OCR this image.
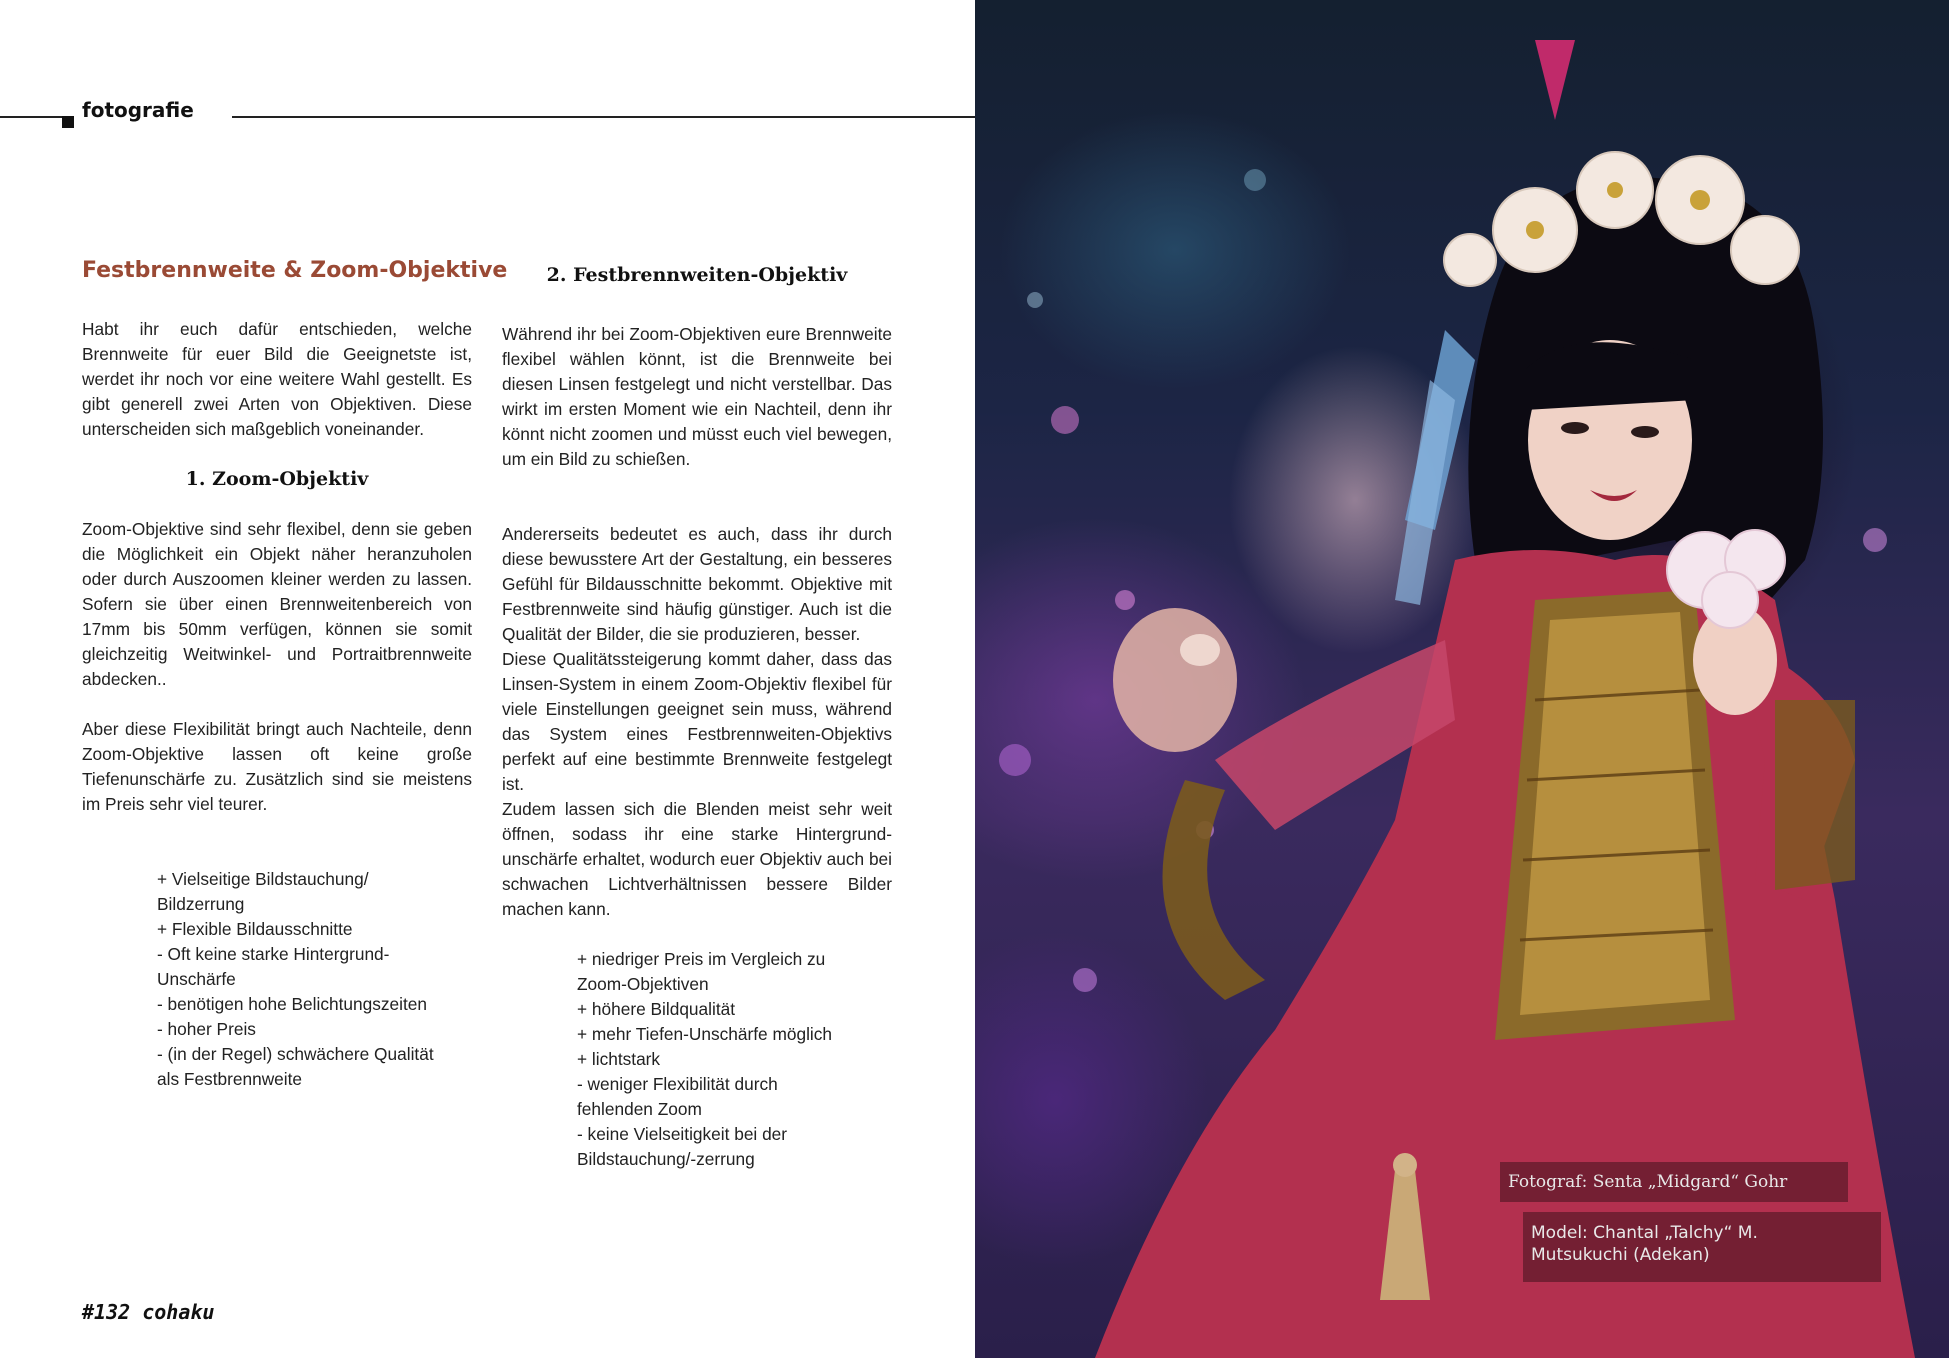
fotografie
Festbrennweite & Zoom-Objektive

Habt ihr euch dafür entschieden, welche Brennweite für euer Bild die Geeignetste ist, werdet ihr noch vor eine weitere Wahl gestellt. Es gibt generell zwei Arten von Objektiven. Diese unterscheiden sich maßgeblich voneinander.

1. Zoom-Objektiv

Zoom-Objektive sind sehr flexibel, denn sie geben die Möglichkeit ein Objekt näher heranzuholen oder durch Auszoomen kleiner werden zu lassen. Sofern sie über einen Brennweitenbereich von 17mm bis 50mm verfügen, können sie somit gleichzeitig Weitwinkel- und Portraitbrennweite abdecken..

Aber diese Flexibilität bringt auch Nachteile, denn Zoom-Objektive lassen oft keine große Tiefenunschärfe zu. Zusätzlich sind sie meistens im Preis sehr viel teurer.

+ Vielseitige Bildstauchung/
Bildzerrung
+ Flexible Bildausschnitte
- Oft keine starke Hintergrund-
Unschärfe
- benötigen hohe Belichtungszeiten
- hoher Preis
- (in der Regel) schwächere Qualität
als Festbrennweite
2. Festbrennweiten-Objektiv

Während ihr bei Zoom-Objektiven eure Brennweite flexibel wählen könnt, ist die Brennweite bei diesen Linsen festgelegt und nicht verstellbar. Das wirkt im ersten Moment wie ein Nachteil, denn ihr könnt nicht zoomen und müsst euch viel bewegen, um ein Bild zu schießen.

Andererseits bedeutet es auch, dass ihr durch diese bewusstere Art der Gestaltung, ein besseres Gefühl für Bildausschnitte bekommt. Objektive mit Festbrennweite sind häufig günstiger. Auch ist die Qualität der Bilder, die sie produzieren, besser.

Diese Qualitätssteigerung kommt daher, dass das Linsen-System in einem Zoom-Objektiv flexibel für viele Einstellungen geeignet sein muss, während das System eines Festbrennweiten-Objektivs perfekt auf eine bestimmte Brennweite festgelegt ist.

Zudem lassen sich die Blenden meist sehr weit öffnen, sodass ihr eine starke Hintergrundunschärfe erhaltet, wodurch euer Objektiv auch bei schwachen Lichtverhältnissen bessere Bilder machen kann.

+ niedriger Preis im Vergleich zu
Zoom-Objektiven
+ höhere Bildqualität
+ mehr Tiefen-Unschärfe möglich
+ lichtstark
- weniger Flexibilität durch
fehlenden Zoom
- keine Vielseitigkeit bei der
Bildstauchung/-zerrung
#132 cohaku
Fotograf: Senta „Midgard“ Gohr
Model: Chantal „Talchy“ M.
Mutsukuchi (Adekan)
